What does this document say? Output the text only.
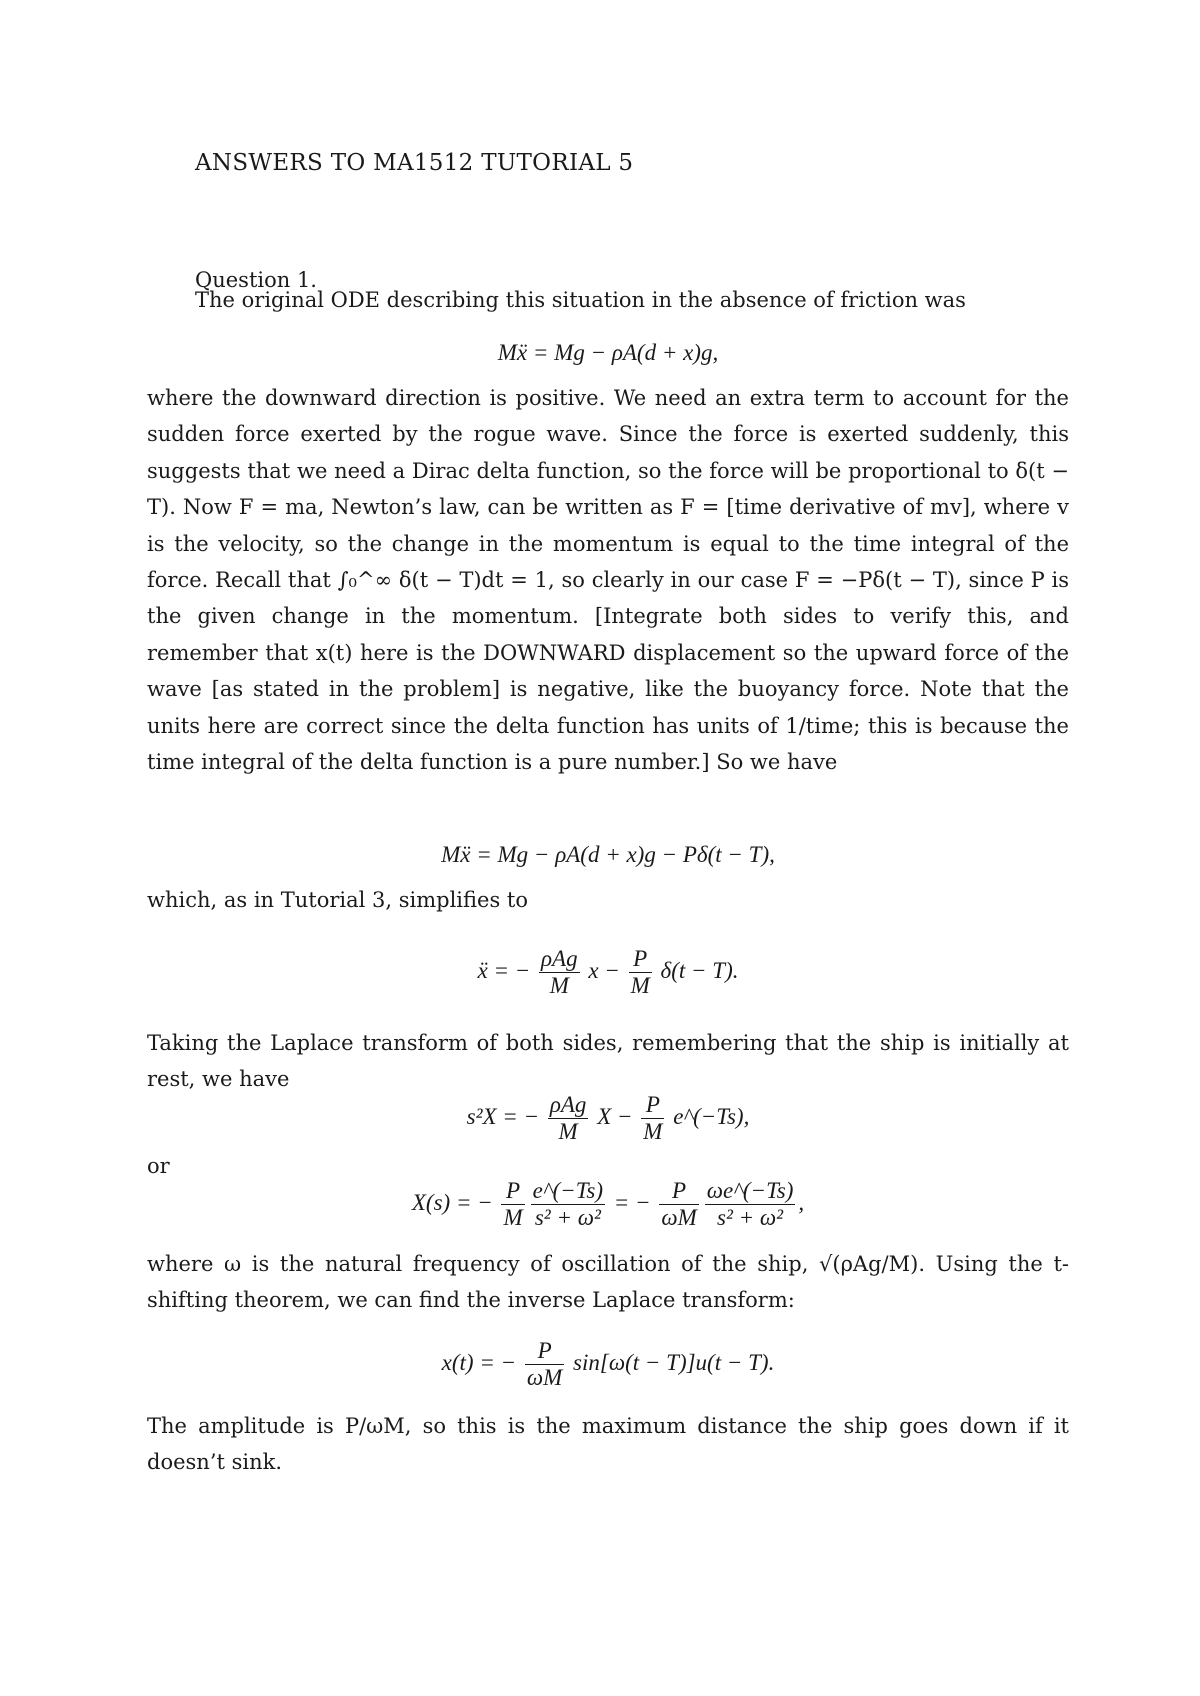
ANSWERS TO MA1512 TUTORIAL 5
Question 1.

The original ODE describing this situation in the absence of friction was

Mẍ = Mg − ρA(d + x)g,

where the downward direction is positive. We need an extra term to account for the sudden force exerted by the rogue wave. Since the force is exerted suddenly, this suggests that we need a Dirac delta function, so the force will be proportional to δ(t − T). Now F = ma, Newton’s law, can be written as F = [time derivative of mv], where v is the velocity, so the change in the momentum is equal to the time integral of the force. Recall that ∫₀^∞ δ(t − T)dt = 1, so clearly in our case F = −Pδ(t − T), since P is the given change in the momentum. [Integrate both sides to verify this, and remember that x(t) here is the DOWNWARD displacement so the upward force of the wave [as stated in the problem] is negative, like the buoyancy force. Note that the units here are correct since the delta function has units of 1/time; this is because the time integral of the delta function is a pure number.] So we have

Mẍ = Mg − ρA(d + x)g − Pδ(t − T),

which, as in Tutorial 3, simplifies to

ẍ = − $\frac{\text{ρAg}}{M}$ $x - \frac{P}{M} \delta(t - T)$.

Taking the Laplace transform of both sides, remembering that the ship is initially at rest, we have

s²X = − $\frac{\text{ρAg}}{M}$ $X - \frac{P}{M}$ e^(−Ts),

or

X(s) = − $\frac{P}{M} \frac{e\^{}(-Ts)}{\text{s² + ω²}}$ = − $\frac{P}{\omega M} \frac{\omega e\^{}(-Ts)}{\text{s² + ω²}}$ ,

where ω is the natural frequency of oscillation of the ship, √(ρAg/M). Using the t-shifting theorem, we can find the inverse Laplace transform:

x(t) = − $\frac{P}{\omega M} \sin[\omega(t - T)]u(t - T)$.

The amplitude is P/ωM, so this is the maximum distance the ship goes down if it doesn’t sink.
